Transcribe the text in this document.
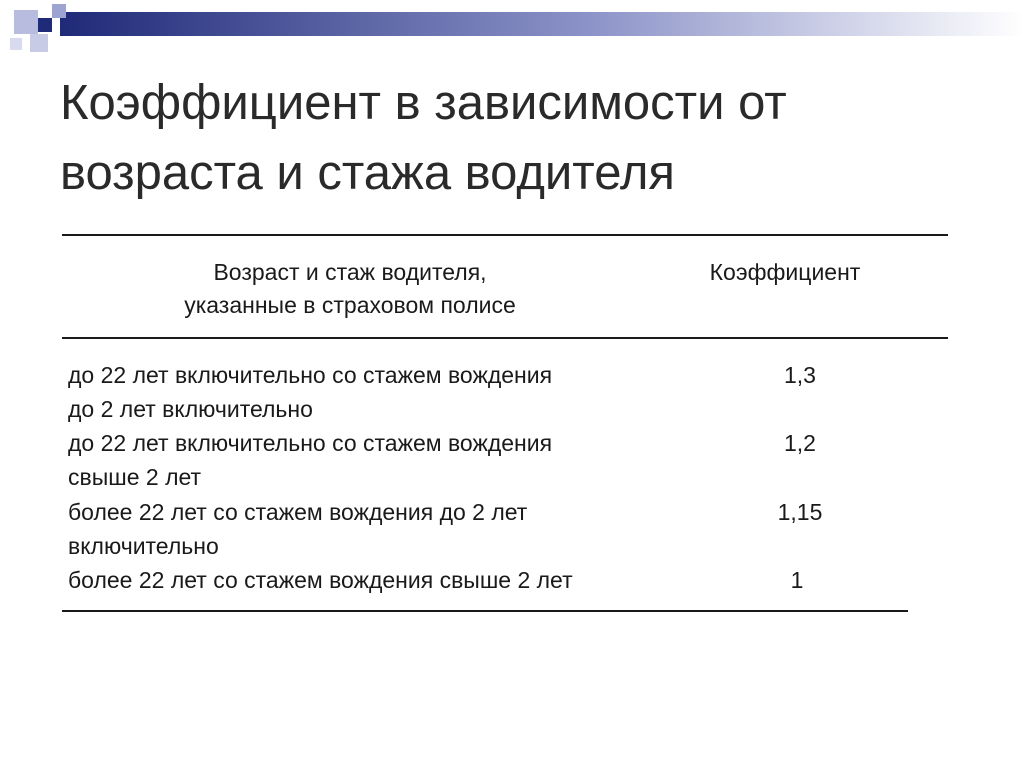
Коэффициент в зависимости от
возраста и стажа водителя
Возраст и стаж водителя,
указанные в страховом полисе
Коэффициент
до 22 лет включительно со стажем вождения
до 2 лет включительно
1,3
до 22 лет включительно со стажем вождения
свыше 2 лет
1,2
более 22 лет со стажем вождения до 2 лет
включительно
1,15
более 22 лет со стажем вождения свыше 2 лет	1
